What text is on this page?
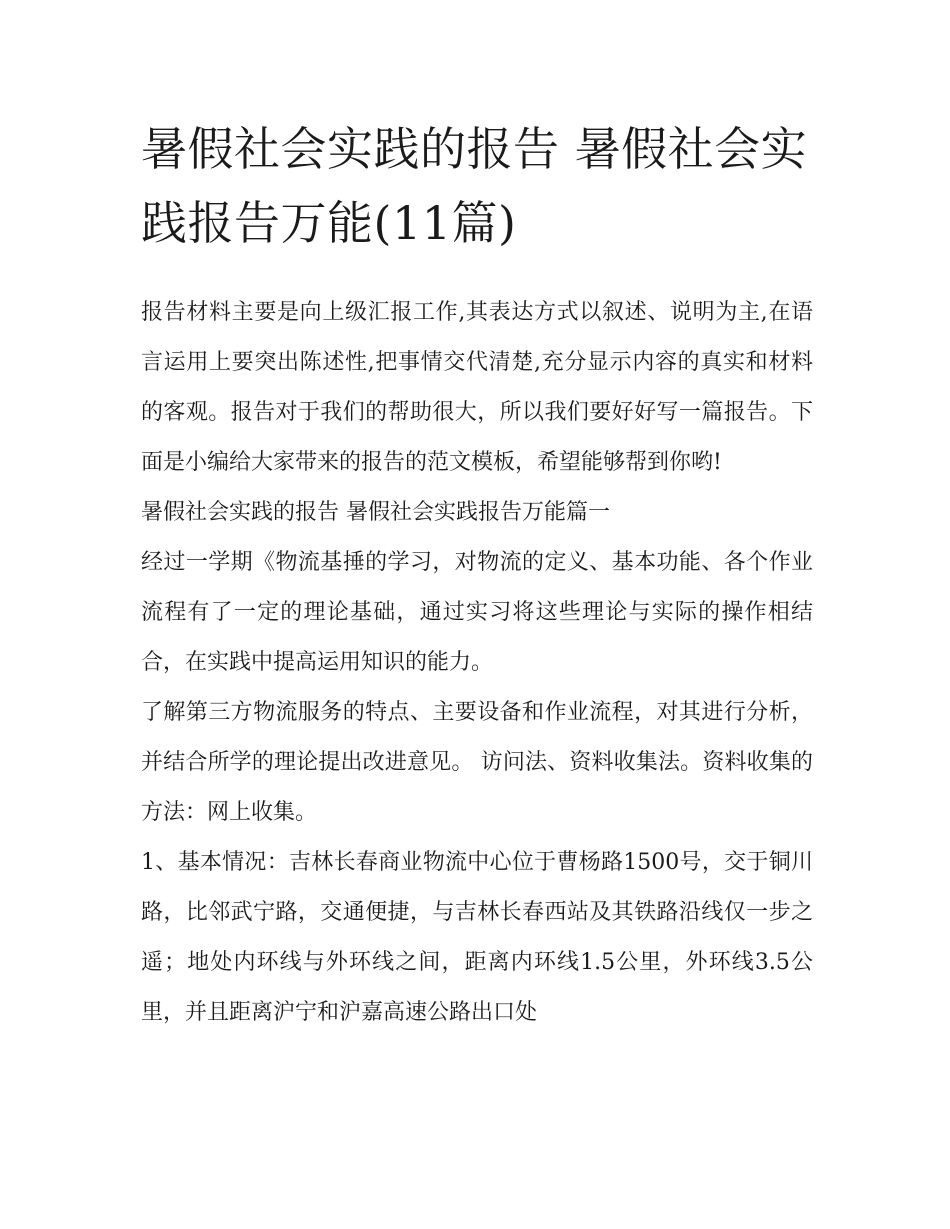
暑假社会实践的报告 暑假社会实践报告万能(11篇)

报告材料主要是向上级汇报工作,其表达方式以叙述、说明为主,在语言运用上要突出陈述性,把事情交代清楚,充分显示内容的真实和材料的客观。报告对于我们的帮助很大，所以我们要好好写一篇报告。下面是小编给大家带来的报告的范文模板，希望能够帮到你哟!

暑假社会实践的报告 暑假社会实践报告万能篇一

经过一学期《物流基捶的学习，对物流的定义、基本功能、各个作业流程有了一定的理论基础，通过实习将这些理论与实际的操作相结合，在实践中提高运用知识的能力。

了解第三方物流服务的特点、主要设备和作业流程，对其进行分析，并结合所学的理论提出改进意见。 访问法、资料收集法。资料收集的方法：网上收集。

1、基本情况：吉林长春商业物流中心位于曹杨路1500号，交于铜川路，比邻武宁路，交通便捷，与吉林长春西站及其铁路沿线仅一步之遥；地处内环线与外环线之间，距离内环线1.5公里，外环线3.5公里，并且距离沪宁和沪嘉高速公路出口处
